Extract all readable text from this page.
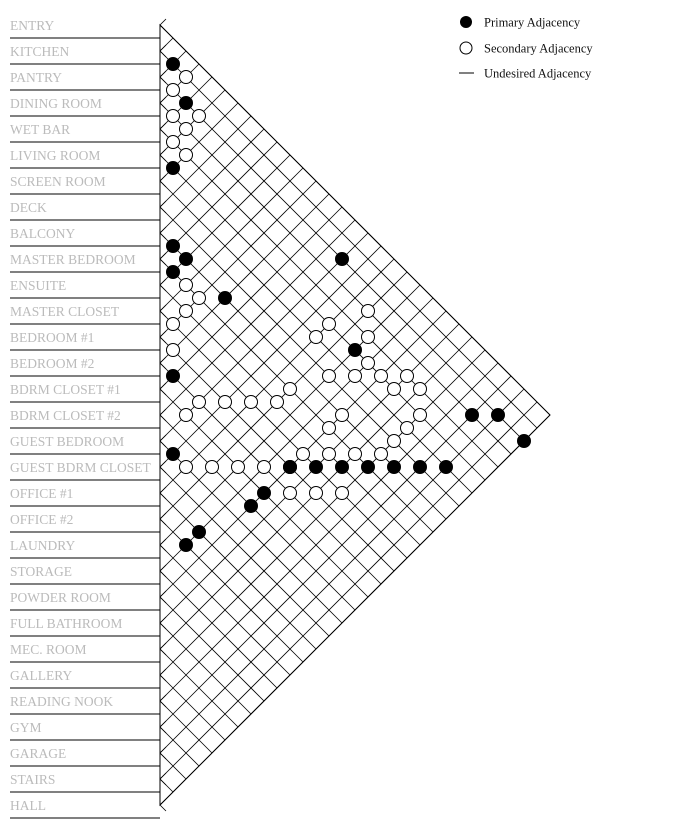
ENTRY
KITCHEN
PANTRY
DINING ROOM
WET BAR
LIVING ROOM
SCREEN ROOM
DECK
BALCONY
MASTER BEDROOM
ENSUITE
MASTER CLOSET
BEDROOM #1
BEDROOM #2
BDRM CLOSET #1
BDRM CLOSET #2
GUEST BEDROOM
GUEST BDRM CLOSET
OFFICE #1
OFFICE #2
LAUNDRY
STORAGE
POWDER ROOM
FULL BATHROOM
MEC. ROOM
GALLERY
READING NOOK
GYM
GARAGE
STAIRS
HALL
Primary Adjacency
Secondary Adjacency
Undesired Adjacency
